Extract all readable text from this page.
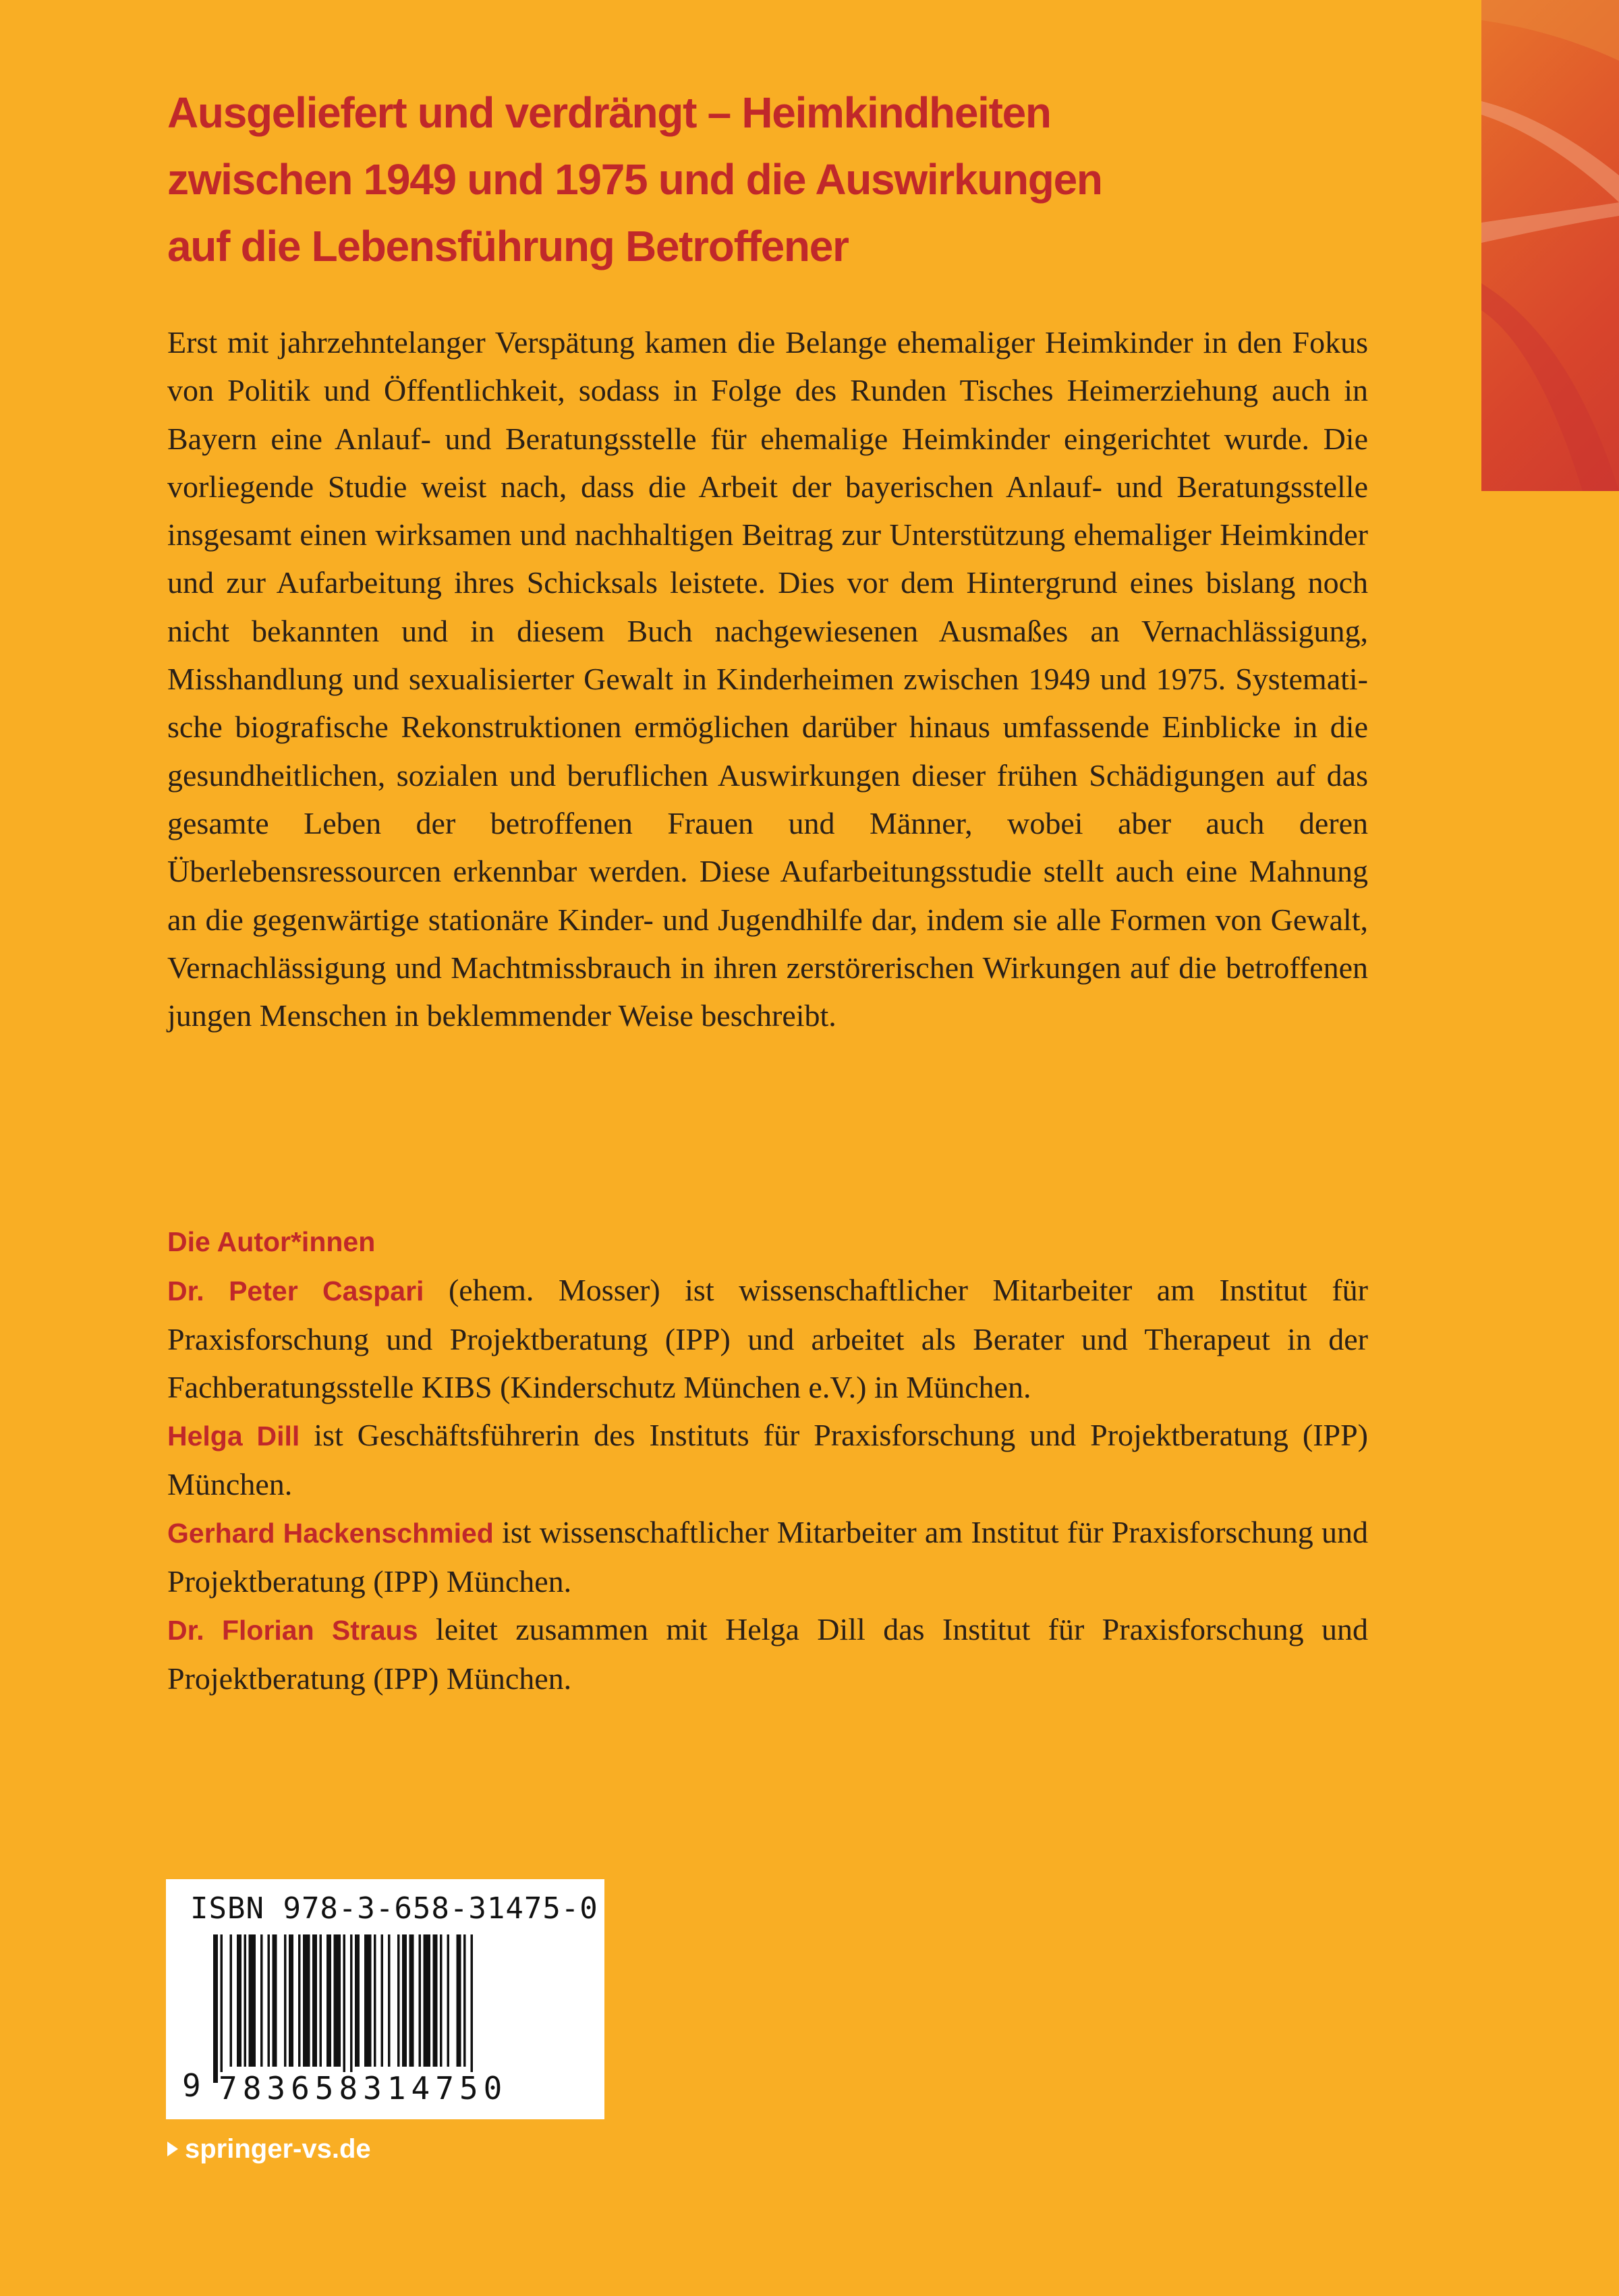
Ausgeliefert und verdrängt – Heimkindheiten
zwischen 1949 und 1975 und die Auswirkungen
auf die Lebensführung Betroffener

Erst mit jahrzehntelanger Verspätung kamen die Belange ehemaliger Heimkinder in den Fokus von Politik und Öffentlichkeit, sodass in Folge des Runden Tisches Heimerziehung auch in Bayern eine Anlauf- und Beratungsstelle für ehemalige Heimkinder eingerichtet wurde. Die vorliegende Studie weist nach, dass die Arbeit der bayerischen Anlauf- und Beratungsstelle insgesamt einen wirksamen und nachhaltigen Beitrag zur Unterstützung ehemaliger Heimkinder und zur Aufarbeitung ihres Schicksals leistete. Dies vor dem Hintergrund eines bislang noch nicht bekannten und in diesem Buch nachgewiesenen Ausmaßes an Vernachlässigung, Misshandlung und sexualisierter Gewalt in Kinderheimen zwischen 1949 und 1975. Systematische biografische Rekonstruktionen ermöglichen darüber hinaus umfassende Einblicke in die gesundheitlichen, sozialen und beruflichen Auswirkungen dieser frühen Schädigungen auf das gesamte Leben der betroffenen Frauen und Männer, wobei aber auch deren Überlebensressourcen erkennbar werden. Diese Aufarbeitungsstudie stellt auch eine Mahnung an die gegenwärtige stationäre Kinder- und Jugendhilfe dar, indem sie alle Formen von Gewalt, Vernachlässigung und Machtmissbrauch in ihren zerstörerischen Wirkungen auf die betroffenen jungen Menschen in beklemmender Weise beschreibt.

Die Autor*innen

Dr. Peter Caspari (ehem. Mosser) ist wissenschaftlicher Mitarbeiter am Institut für Praxisforschung und Projektberatung (IPP) und arbeitet als Berater und Therapeut in der Fachberatungsstelle KIBS (Kinderschutz München e.V.) in München.

Helga Dill ist Geschäftsführerin des Instituts für Praxisforschung und Projektberatung (IPP) München.

Gerhard Hackenschmied ist wissenschaftlicher Mitarbeiter am Institut für Praxisforschung und Projektberatung (IPP) München.

Dr. Florian Straus leitet zusammen mit Helga Dill das Institut für Praxisforschung und Projektberatung (IPP) München.

ISBN 978-3-658-31475-0
9 783658314750
springer-vs.de
